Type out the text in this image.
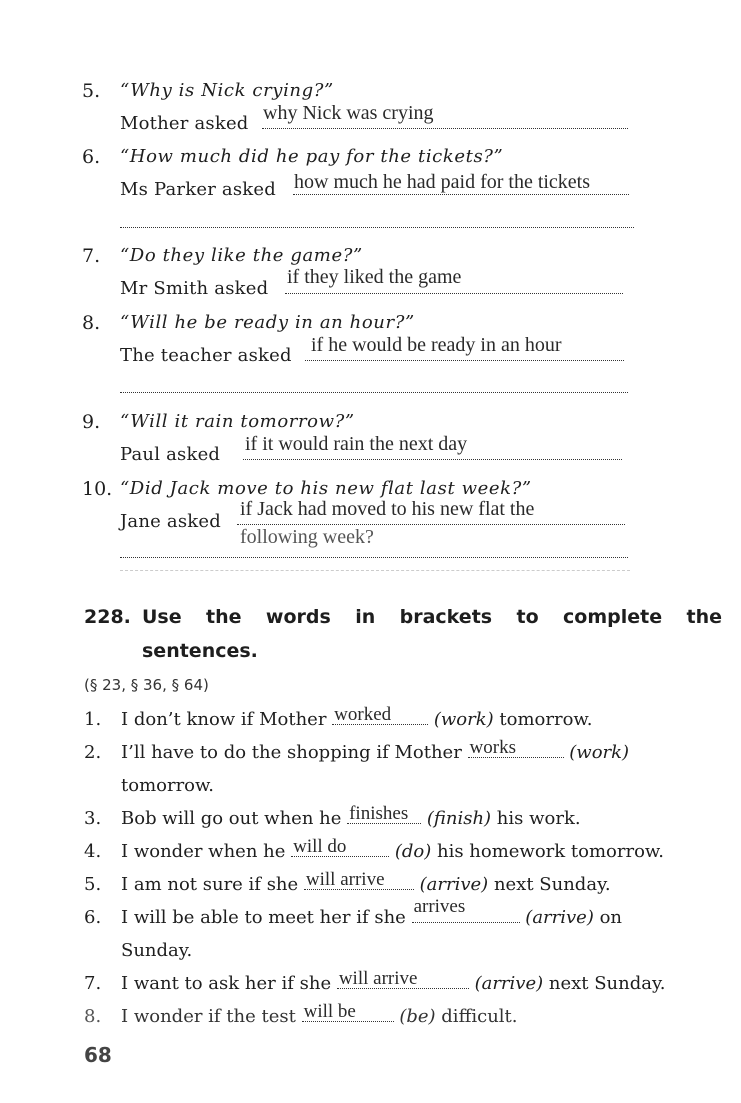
5. “Why is Nick crying?”
Mother asked why Nick was crying
6. “How much did he pay for the tickets?”
Ms Parker asked how much he had paid for the tickets
7. “Do they like the game?”
Mr Smith asked
if they liked the game
8. “Will he be ready in an hour?”
The teacher asked if he would be ready in an hour
9. “Will it rain tomorrow?”
Paul asked if it would rain the next day
10. “Did Jack move to his new flat last week?”
Jane asked
if Jack had moved to his new flat the
following week?
228. Use the words in brackets to complete the
sentences.
(§ 23, § 36, § 64)
1. I don’t know if Mother worked (work) tomorrow.
2. I’ll have to do the shopping if Mother works	(work)
tomorrow.
3. Bob will go out when he finishes (finish) his work.
4. I wonder when he will do	(do) his homework tomorrow.
5. I am not sure if she will arrive (arrive) next Sunday.
6. I will be able to meet her if she
arrives
(arrive) on
Sunday.
7. I want to ask her if she will arrive	(arrive) next Sunday.
8. I wonder if the test will be (be) difficult.
68
